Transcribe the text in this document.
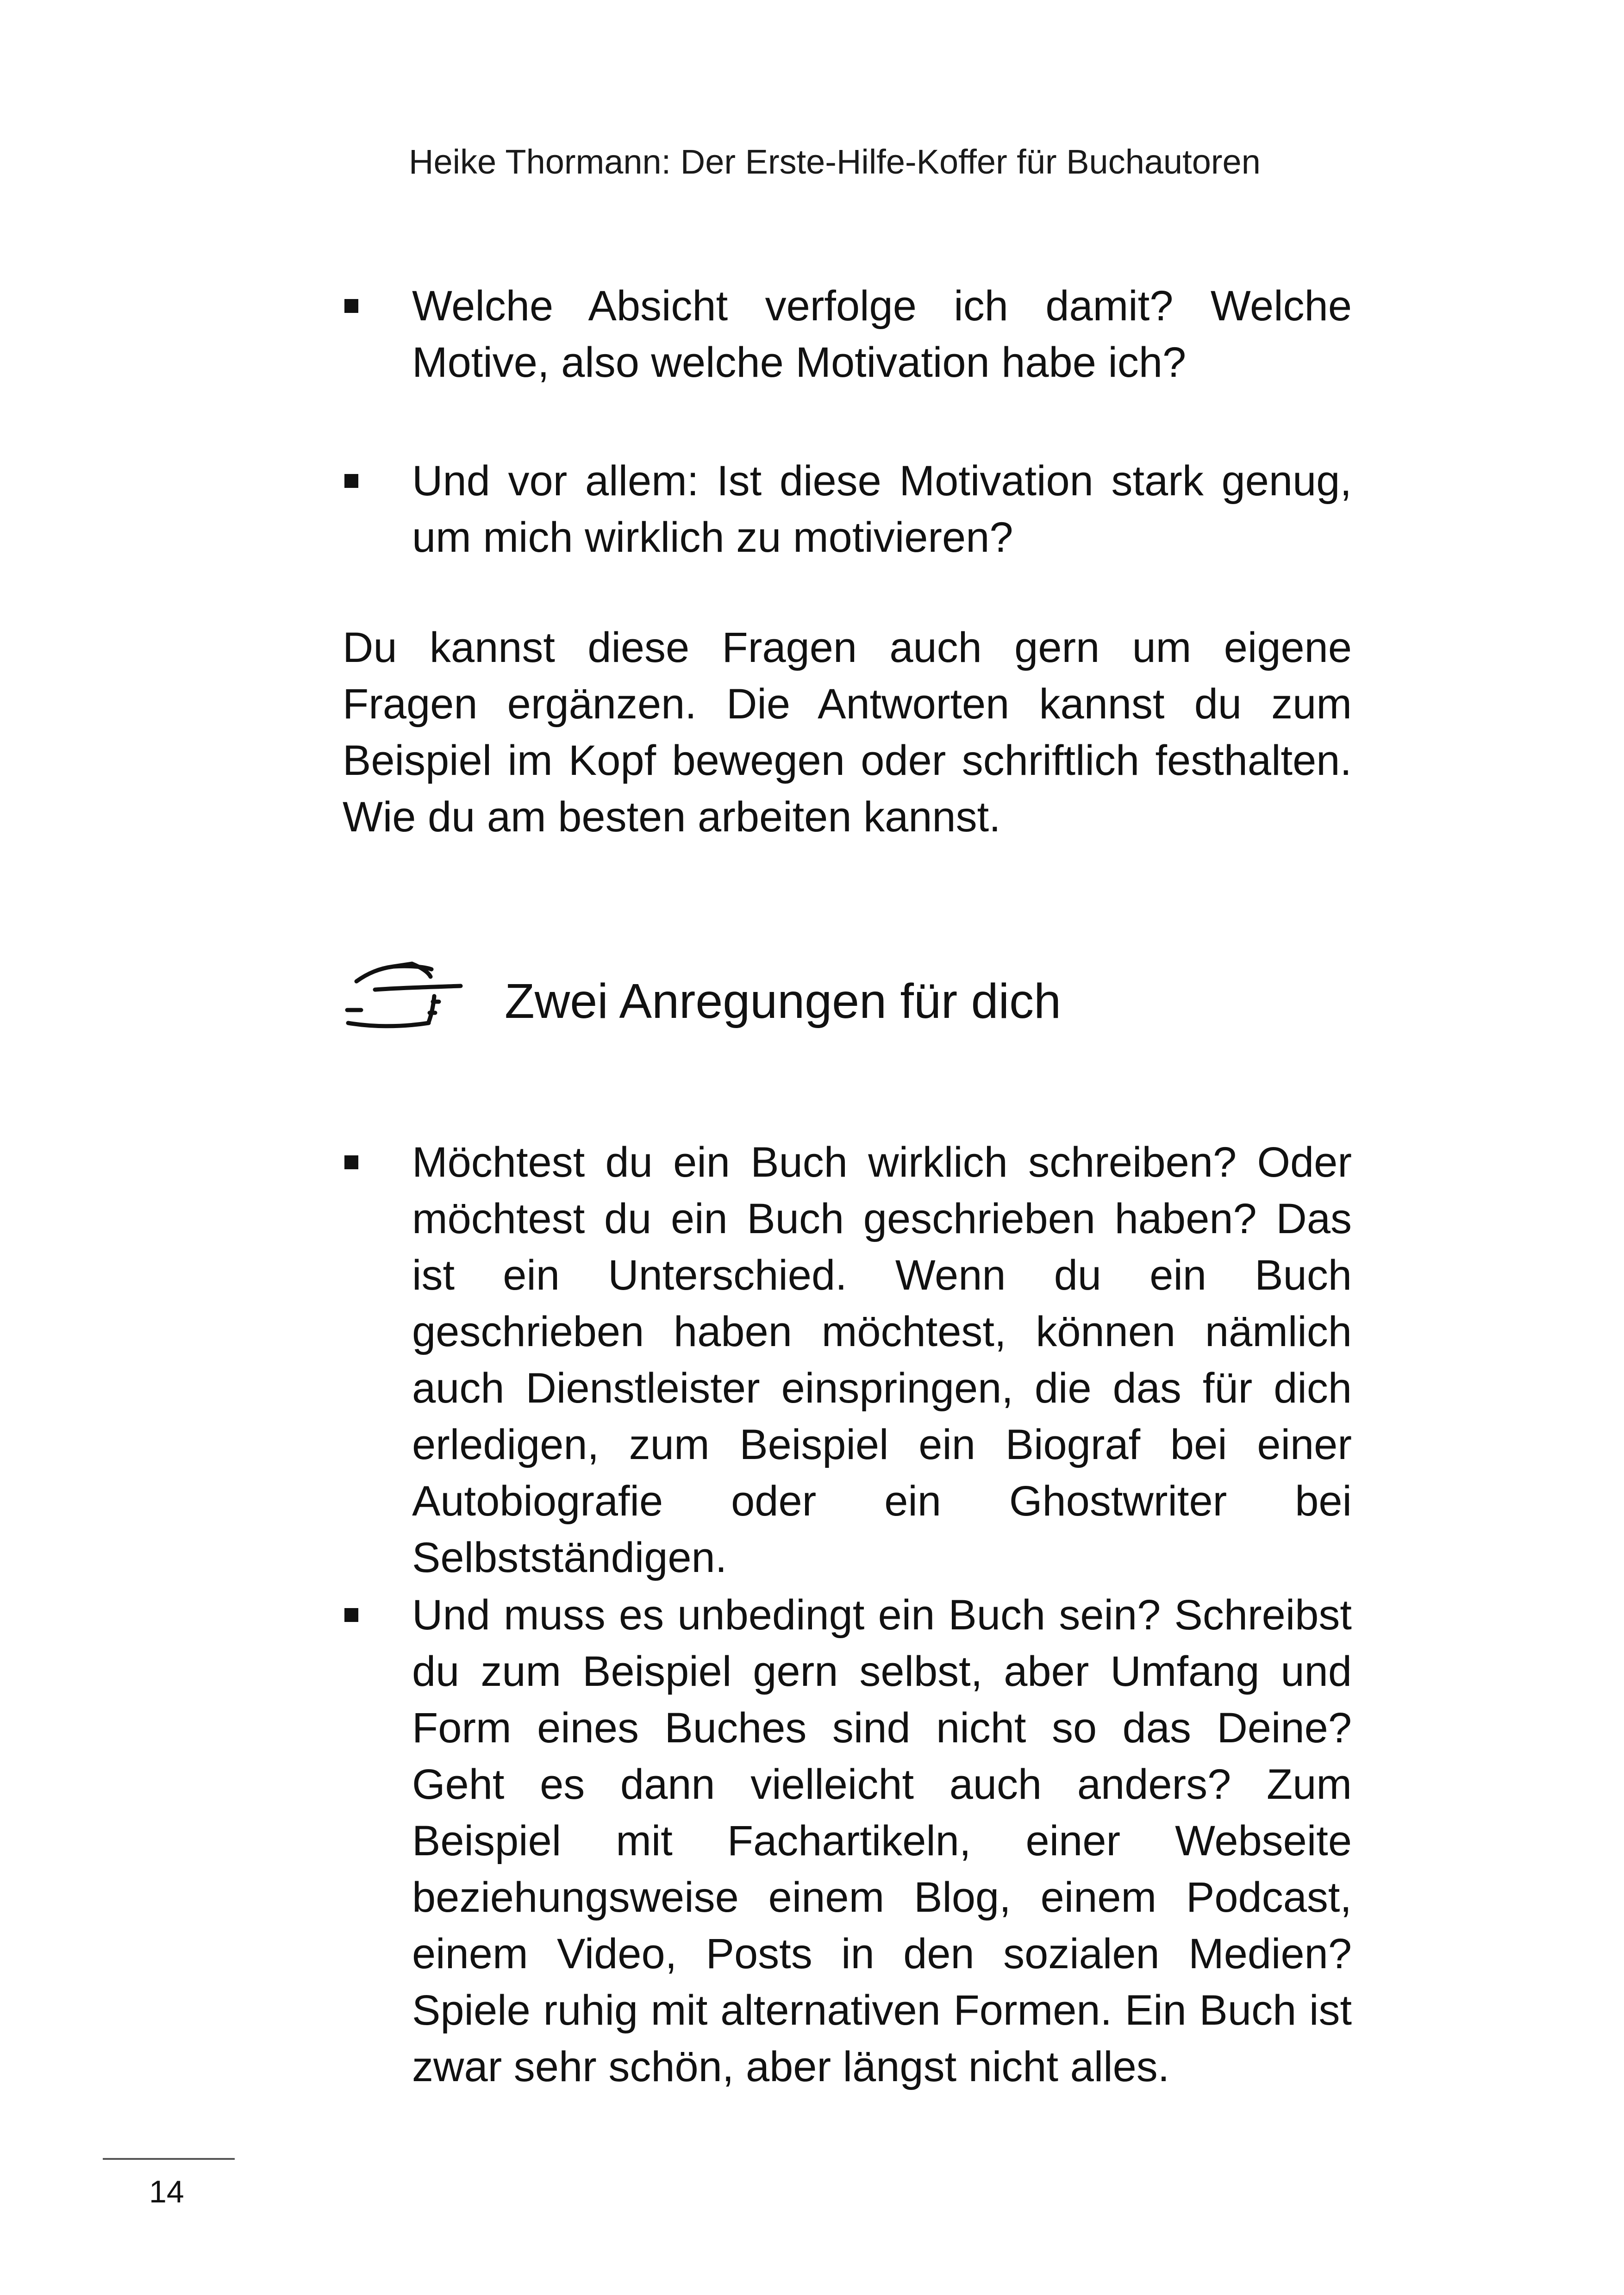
Heike Thormann: Der Erste-Hilfe-Koffer für Buchautoren
Welche Absicht verfolge ich damit? Welche Motive, also welche Motivation habe ich?
Und vor allem: Ist diese Motivation stark genug, um mich wirklich zu motivieren?
Du kannst diese Fragen auch gern um eigene Fragen ergänzen. Die Antworten kannst du zum Beispiel im Kopf bewegen oder schriftlich festhalten. Wie du am besten arbeiten kannst.
Zwei Anregungen für dich
Möchtest du ein Buch wirklich schreiben? Oder möchtest du ein Buch geschrieben haben? Das ist ein Unterschied. Wenn du ein Buch geschrieben haben möchtest, können nämlich auch Dienstleister einspringen, die das für dich erledigen, zum Beispiel ein Biograf bei einer Autobiografie oder ein Ghostwriter bei Selbstständigen.
Und muss es unbedingt ein Buch sein? Schreibst du zum Beispiel gern selbst, aber Umfang und Form eines Buches sind nicht so das Deine? Geht es dann vielleicht auch anders? Zum Beispiel mit Fachartikeln, einer Webseite beziehungsweise einem Blog, einem Podcast, einem Video, Posts in den sozialen Medien? Spiele ruhig mit alternativen Formen. Ein Buch ist zwar sehr schön, aber längst nicht alles.
14
